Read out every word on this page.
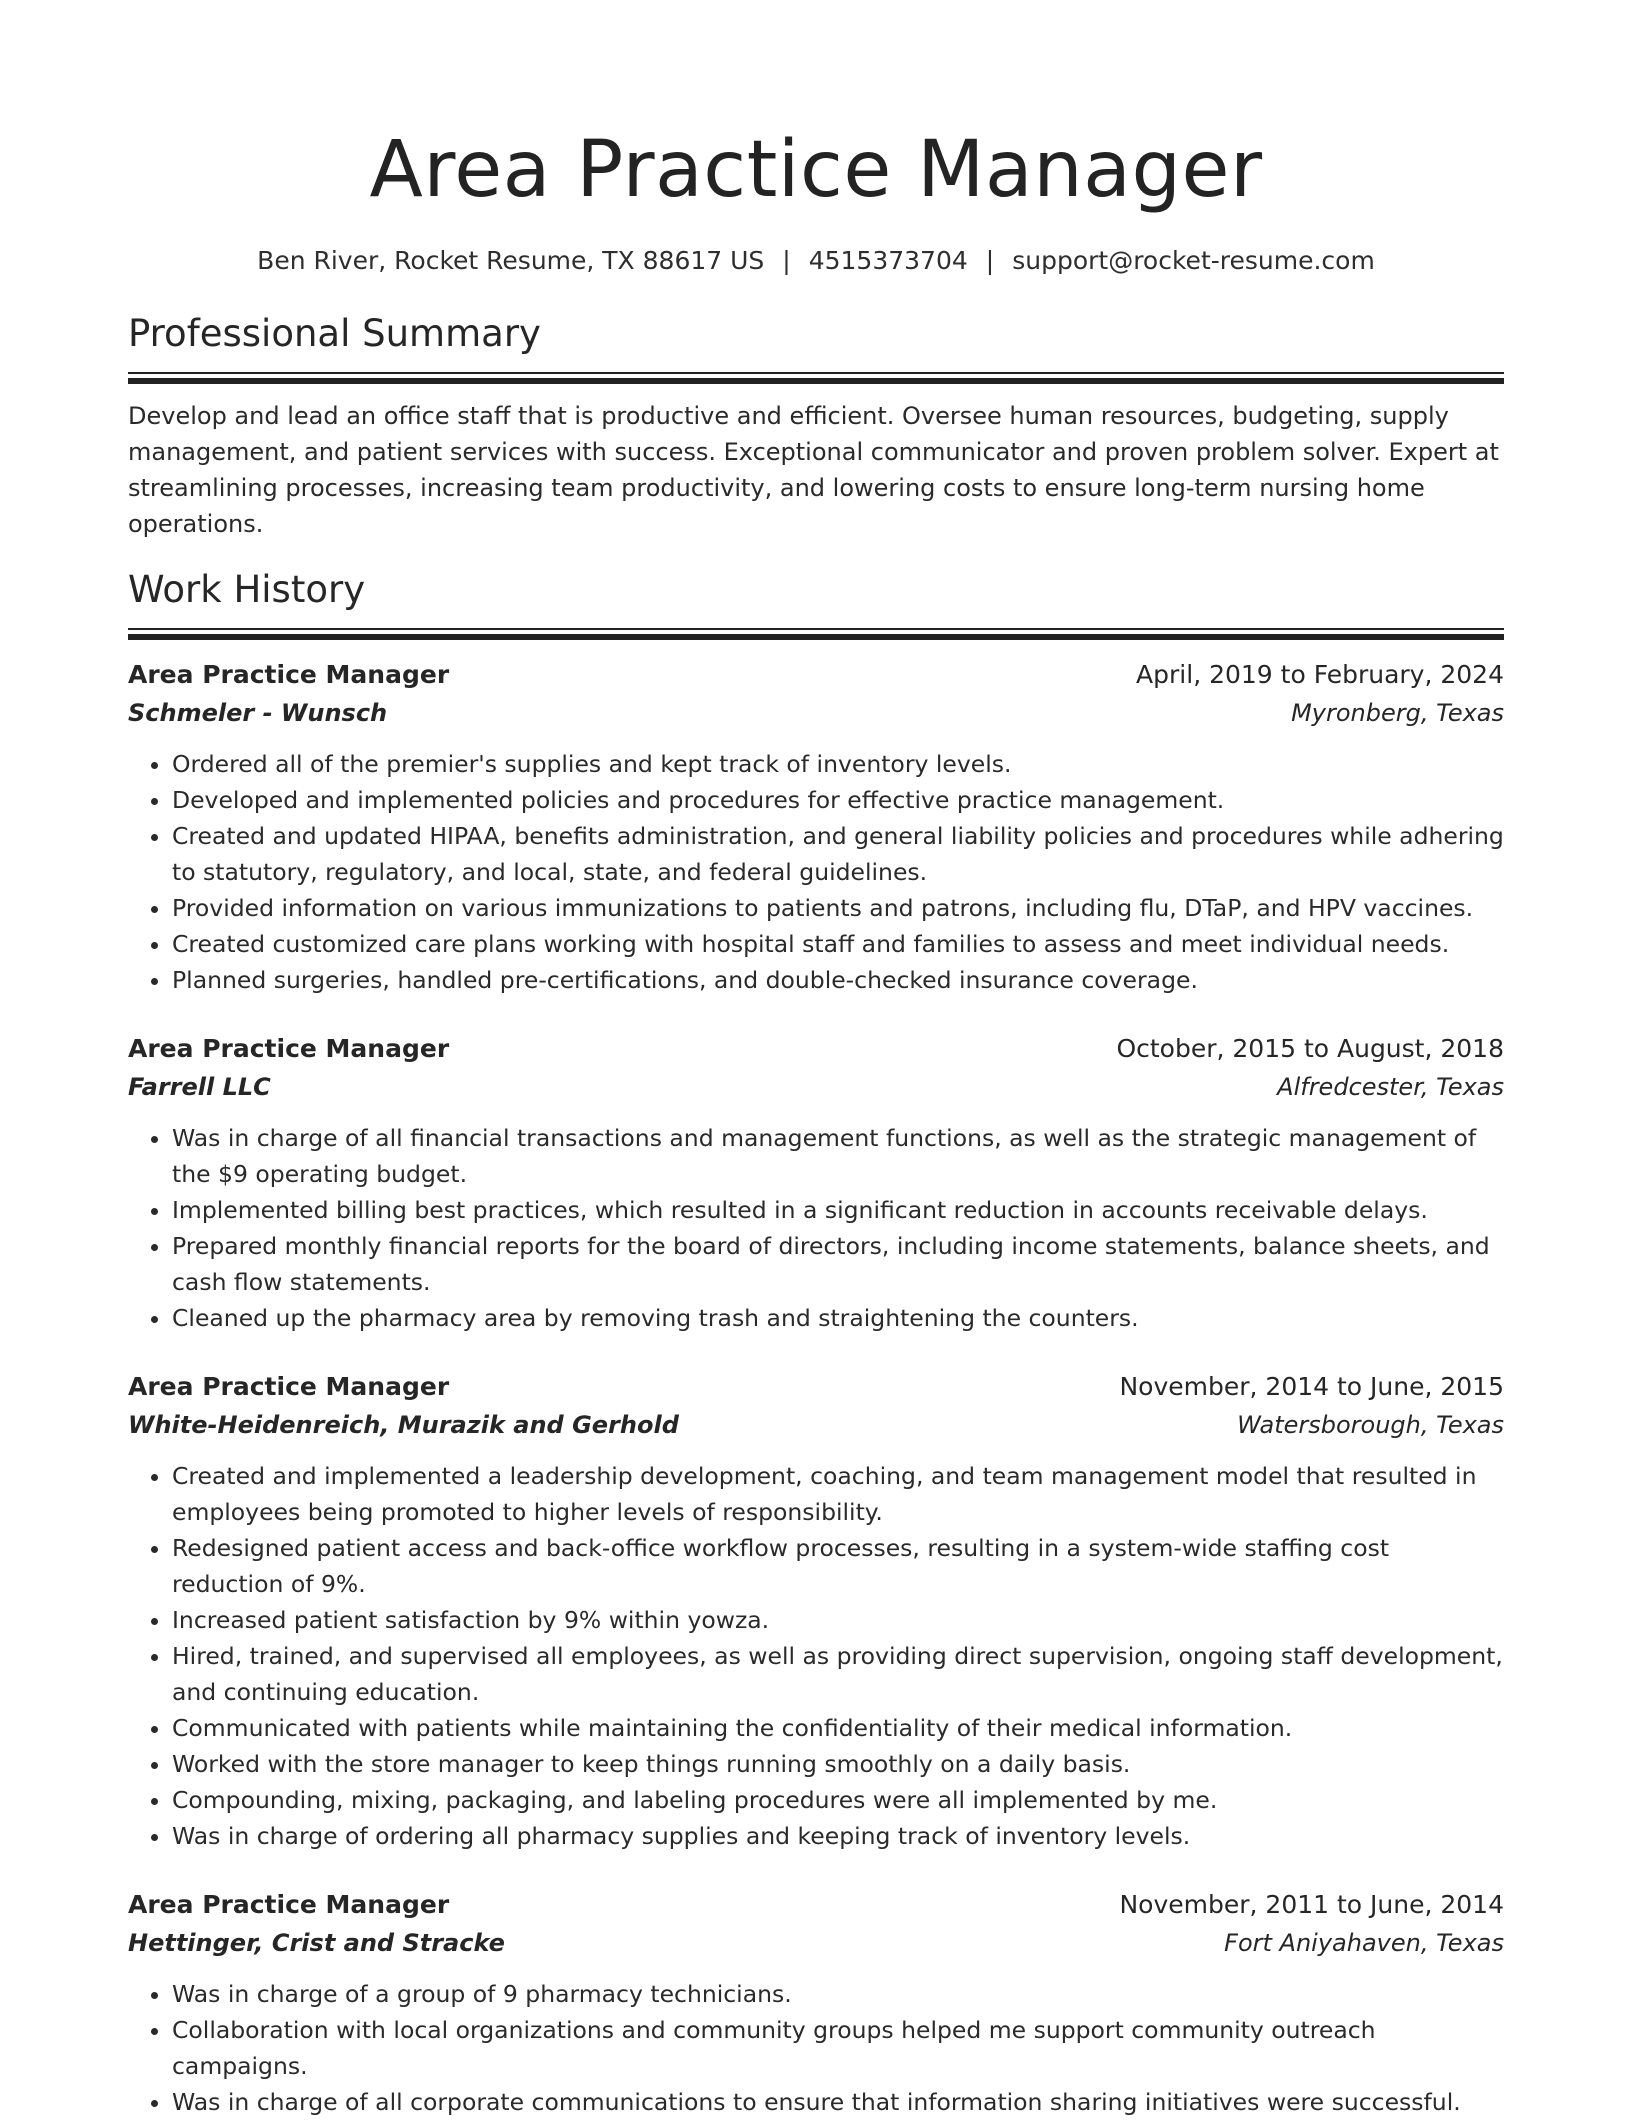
Area Practice Manager
Ben River, Rocket Resume, TX 88617 US | 4515373704 | support@rocket-resume.com
Professional Summary

Develop and lead an office staff that is productive and efficient. Oversee human resources, budgeting, supply management, and patient services with success. Exceptional communicator and proven problem solver. Expert at streamlining processes, increasing team productivity, and lowering costs to ensure long-term nursing home operations.

Work History
Area Practice Manager	April, 2019 to February, 2024
Schmeler - Wunsch	Myronberg, Texas
• Ordered all of the premier's supplies and kept track of inventory levels.
• Developed and implemented policies and procedures for effective practice management.
• Created and updated HIPAA, benefits administration, and general liability policies and procedures while adhering to statutory, regulatory, and local, state, and federal guidelines.
• Provided information on various immunizations to patients and patrons, including flu, DTaP, and HPV vaccines.
• Created customized care plans working with hospital staff and families to assess and meet individual needs.
• Planned surgeries, handled pre-certifications, and double-checked insurance coverage.
Area Practice Manager	October, 2015 to August, 2018
Farrell LLC	Alfredcester, Texas
• Was in charge of all financial transactions and management functions, as well as the strategic management of the $9 operating budget.
• Implemented billing best practices, which resulted in a significant reduction in accounts receivable delays.
• Prepared monthly financial reports for the board of directors, including income statements, balance sheets, and cash flow statements.
• Cleaned up the pharmacy area by removing trash and straightening the counters.
Area Practice Manager	November, 2014 to June, 2015
White-Heidenreich, Murazik and Gerhold	Watersborough, Texas
• Created and implemented a leadership development, coaching, and team management model that resulted in employees being promoted to higher levels of responsibility.
• Redesigned patient access and back-office workflow processes, resulting in a system-wide staffing cost reduction of 9%.
• Increased patient satisfaction by 9% within yowza.
• Hired, trained, and supervised all employees, as well as providing direct supervision, ongoing staff development, and continuing education.
• Communicated with patients while maintaining the confidentiality of their medical information.
• Worked with the store manager to keep things running smoothly on a daily basis.
• Compounding, mixing, packaging, and labeling procedures were all implemented by me.
• Was in charge of ordering all pharmacy supplies and keeping track of inventory levels.
Area Practice Manager	November, 2011 to June, 2014
Hettinger, Crist and Stracke	Fort Aniyahaven, Texas
• Was in charge of a group of 9 pharmacy technicians.
• Collaboration with local organizations and community groups helped me support community outreach campaigns.
• Was in charge of all corporate communications to ensure that information sharing initiatives were successful.
